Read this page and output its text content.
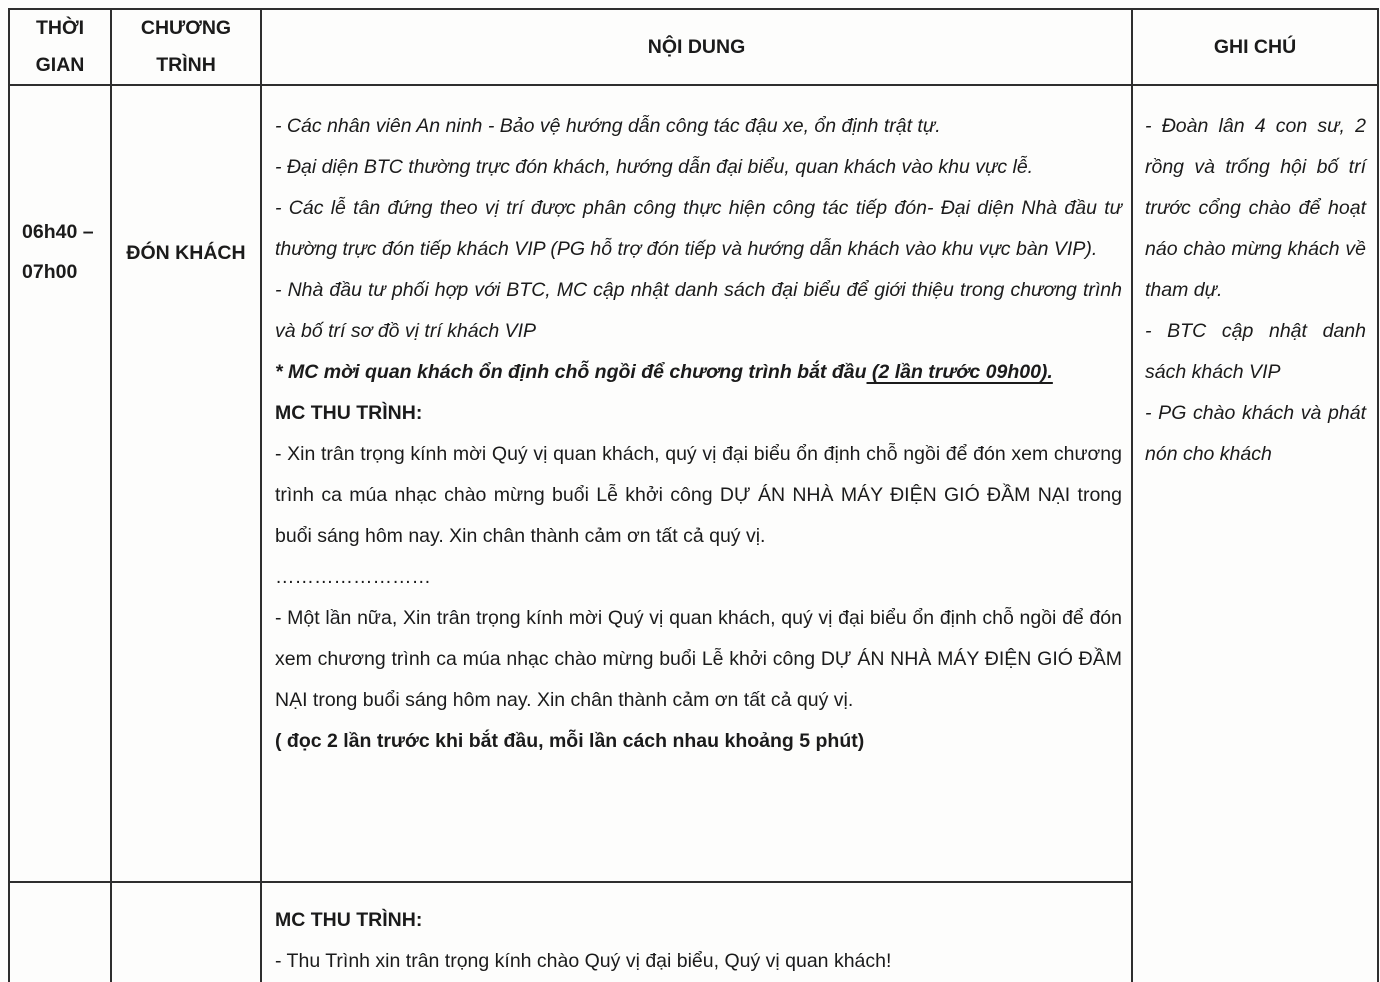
THỜI GIAN
CHƯƠNG TRÌNH
NỘI DUNG	GHI CHÚ
06h40 – 07h00
ĐÓN KHÁCH

- Các nhân viên An ninh - Bảo vệ hướng dẫn công tác đậu xe, ổn định trật tự.

- Đại diện BTC thường trực đón khách, hướng dẫn đại biểu, quan khách vào khu vực lễ.

- Các lễ tân đứng theo vị trí được phân công thực hiện công tác tiếp đón- Đại diện Nhà đầu tư thường trực đón tiếp khách VIP (PG hỗ trợ đón tiếp và hướng dẫn khách vào khu vực bàn VIP).

- Nhà đầu tư phối hợp với BTC, MC cập nhật danh sách đại biểu để giới thiệu trong chương trình và bố trí sơ đồ vị trí khách VIP

* MC mời quan khách ổn định chỗ ngồi để chương trình bắt đầu (2 lần trước 09h00).

MC THU TRÌNH:

- Xin trân trọng kính mời Quý vị quan khách, quý vị đại biểu ổn định chỗ ngồi để đón xem chương trình ca múa nhạc chào mừng buổi Lễ khởi công DỰ ÁN NHÀ MÁY ĐIỆN GIÓ ĐẦM NẠI trong buổi sáng hôm nay. Xin chân thành cảm ơn tất cả quý vị.

……………………

- Một lần nữa, Xin trân trọng kính mời Quý vị quan khách, quý vị đại biểu ổn định chỗ ngồi để đón xem chương trình ca múa nhạc chào mừng buổi Lễ khởi công DỰ ÁN NHÀ MÁY ĐIỆN GIÓ ĐẦM NẠI trong buổi sáng hôm nay. Xin chân thành cảm ơn tất cả quý vị.

( đọc 2 lần trước khi bắt đầu, mỗi lần cách nhau khoảng 5 phút)

- Đoàn lân 4 con sư, 2 rồng và trống hội bố trí trước cổng chào để hoạt náo chào mừng khách về tham dự.

- BTC cập nhật danh sách khách VIP

- PG chào khách và phát nón cho khách

MC THU TRÌNH:

- Thu Trình xin trân trọng kính chào Quý vị đại biểu, Quý vị quan khách!
